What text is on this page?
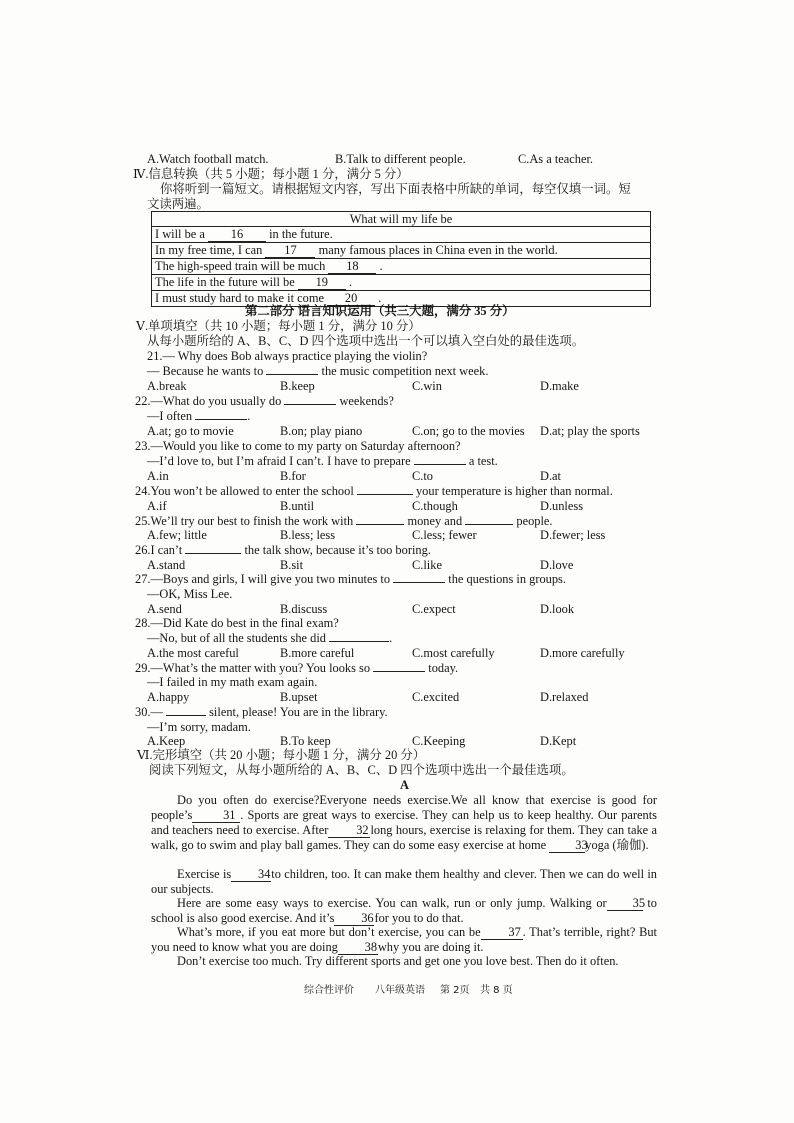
A.Watch football match.	B.Talk to different people.	C.As a teacher.
Ⅳ.信息转换（共 5 小题；每小题 1 分，满分 5 分）
你将听到一篇短文。请根据短文内容，写出下面表格中所缺的单词，每空仅填一词。短
文读两遍。
What will my life be
I will be a 16 in the future.
In my free time, I can 17 many famous places in China even in the world.
The high-speed train will be much 18 .
The life in the future will be 19 .
I must study hard to make it come 20 .
第二部分 语言知识运用（共三大题，满分 35 分）
Ⅴ.单项填空（共 10 小题；每小题 1 分，满分 10 分）
从每小题所给的 A、B、C、D 四个选项中选出一个可以填入空白处的最佳选项。
21.— Why does Bob always practice playing the violin?
— Because he wants to	the music competition next week.
A.break	B.keep	C.win	D.make
22.—What do you usually do	weekends?
—I often	.
A.at; go to movie	B.on; play piano	C.on; go to the movies D.at; play the sports
23.—Would you like to come to my party on Saturday afternoon?
—I’d love to, but I’m afraid I can’t. I have to prepare	a test.
A.in	B.for	C.to	D.at
24.You won’t be allowed to enter the school	your temperature is higher than normal.
A.if	B.until	C.though	D.unless
25.We’ll try our best to finish the work with	money and	people.
A.few; little	B.less; less	C.less; fewer	D.fewer; less
26.I can’t	the talk show, because it’s too boring.
A.stand	B.sit	C.like	D.love
27.—Boys and girls, I will give you two minutes to	the questions in groups.
—OK, Miss Lee.
A.send	B.discuss	C.expect	D.look
28.—Did Kate do best in the final exam?
—No, but of all the students she did	.
A.the most careful	B.more careful	C.most carefully	D.more carefully
29.—What’s the matter with you? You looks so	today.
—I failed in my math exam again.
A.happy	B.upset	C.excited	D.relaxed
30.—	silent, please! You are in the library.
—I’m sorry, madam.
A.Keep	B.To keep	C.Keeping	D.Kept
Ⅵ.完形填空（共 20 小题；每小题 1 分，满分 20 分）
阅读下列短文，从每小题所给的 A、B、C、D 四个选项中选出一个最佳选项。
A
Do you often do exercise?Everyone needs exercise.We all know that exercise is good for people’s 31 . Sports are great ways to exercise. They can help us to keep healthy. Our parents and teachers need to exercise. After 32 long hours, exercise is relaxing for them. They can take a walk, go to swim and play ball games. They can do some easy exercise at home 33yoga (瑜伽).
Exercise is 34to children, too. It can make them healthy and clever. Then we can do well in our subjects.
Here are some easy ways to exercise. You can walk, run or only jump. Walking or 35 to school is also good exercise. And it’s 36for you to do that.
What’s more, if you eat more but don’t exercise, you can be 37 . That’s terrible, right? But you need to know what you are doing 38why you are doing it.
Don’t exercise too much. Try different sports and get one you love best. Then do it often.
综合性评价 八年级英语 第 2页 共 8 页
